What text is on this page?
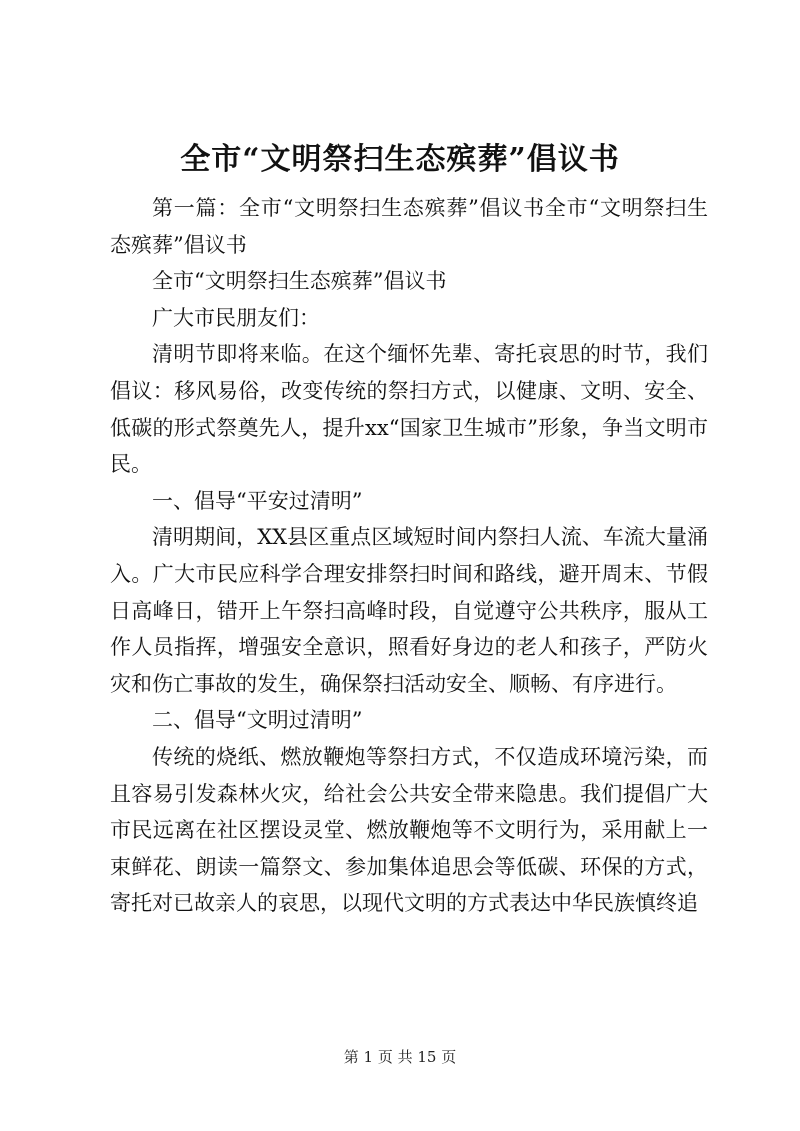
全市“文明祭扫生态殡葬”倡议书

第一篇：全市“文明祭扫生态殡葬”倡议书全市“文明祭扫生态殡葬”倡议书

全市“文明祭扫生态殡葬”倡议书

广大市民朋友们：

清明节即将来临。在这个缅怀先辈、寄托哀思的时节，我们倡议：移风易俗，改变传统的祭扫方式，以健康、文明、安全、低碳的形式祭奠先人，提升xx“国家卫生城市”形象，争当文明市民。

一、倡导“平安过清明”

清明期间，XX县区重点区域短时间内祭扫人流、车流大量涌入。广大市民应科学合理安排祭扫时间和路线，避开周末、节假日高峰日，错开上午祭扫高峰时段，自觉遵守公共秩序，服从工作人员指挥，增强安全意识，照看好身边的老人和孩子，严防火灾和伤亡事故的发生，确保祭扫活动安全、顺畅、有序进行。

二、倡导“文明过清明”

传统的烧纸、燃放鞭炮等祭扫方式，不仅造成环境污染，而且容易引发森林火灾，给社会公共安全带来隐患。我们提倡广大市民远离在社区摆设灵堂、燃放鞭炮等不文明行为，采用献上一束鲜花、朗读一篇祭文、参加集体追思会等低碳、环保的方式，寄托对已故亲人的哀思，以现代文明的方式表达中华民族慎终追

第 1 页 共 15 页
